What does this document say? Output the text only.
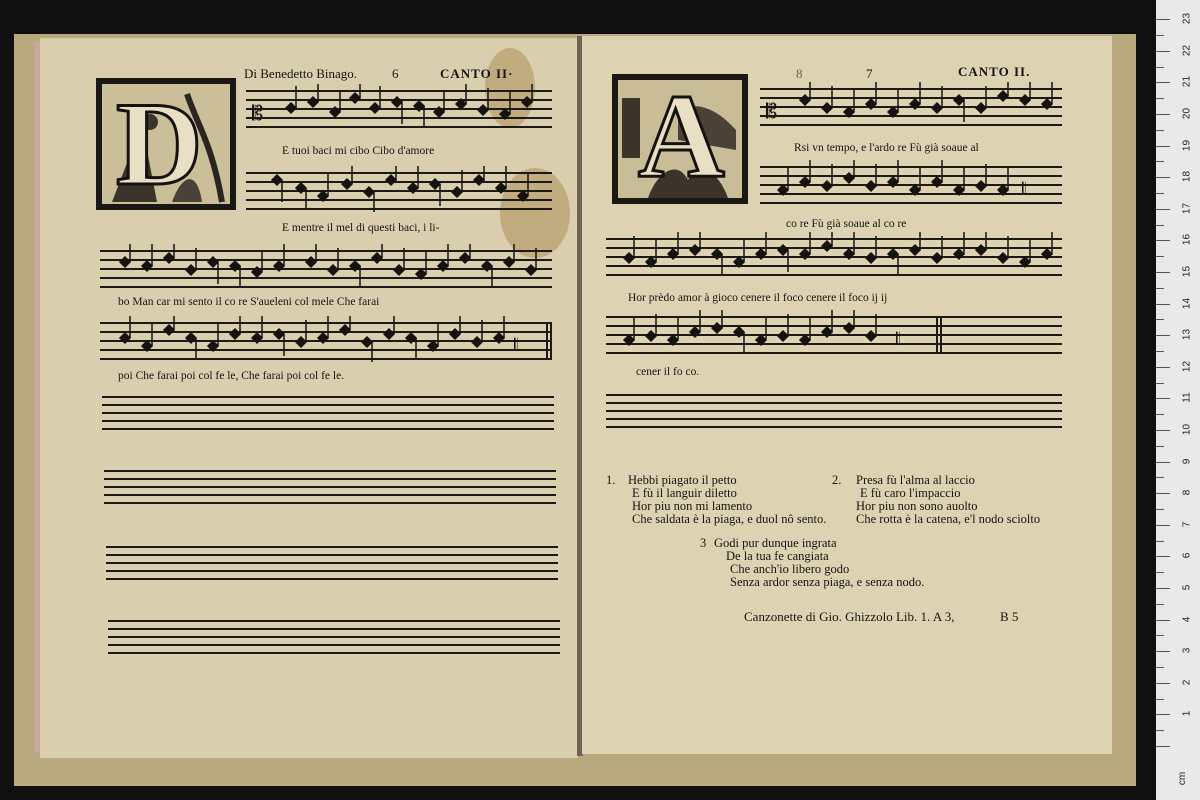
Di Benedetto Binago.	6	CANTO II·
D 𝄡
E tuoi baci mi cibo Cibo d'amore
E mentre il mel di questi baci, i li-
bo Man car mi sento il co re S'aueleni col mele Che farai
𝄃
poi Che farai poi col fe le, Che farai poi col fe le.
8	7	CANTO II.
A 𝄡
Rsi vn tempo, e l'ardo re Fù già soaue al
𝄃
co re Fù già soaue al co re
Hor prèdo amor à gioco cenere il foco cenere il foco ij ij
𝄃
cener il fo co.
1. Hebbi piagato il petto
E fù il languir diletto
Hor piu non mi lamento
Che saldata è la piaga, e duol nô sento.
2. Presa fù l'alma al laccio
E fù caro l'impaccio
Hor piu non sono auolto
Che rotta è la catena, e'l nodo sciolto
3 Godi pur dunque ingrata
De la tua fe cangiata
Che anch'io libero godo
Senza ardor senza piaga, e senza nodo.
Canzonette di Gio. Ghizzolo Lib. 1. A 3,	B 5
1
2
3
4
5
6
7
8
9
10
11
12
13
14
15
16
17
18
19
20
21
22
23
cm
